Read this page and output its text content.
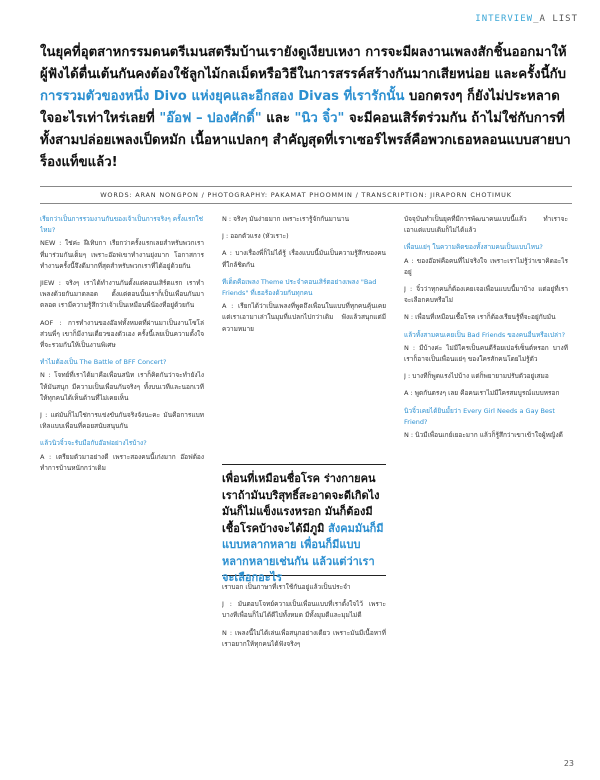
INTERVIEW_A LIST
ในยุคที่อุตสาหกรรมดนตรีเมนสตรีมบ้านเรายังดูเงียบเหงา การจะมีผลงานเพลงสักชิ้นออกมาให้ผู้ฟังได้ตื่นเต้นกันคงต้องใช้ลูกไม้กลเม็ดหรือวิธีในการสรรค์สร้างกันมากเสียหน่อย และครั้งนี้กับการรวมตัวของหนึ่ง Divo แห่งยุคและอีกสอง Divas ที่เรารักนั้น บอกตรงๆ ก็ยังไม่ประหลาดใจอะไรเท่าใหร่เลยที่ "อ๊อฟ – ปองศักดิ์" และ "นิว จิ๋ว" จะมีคอนเสิร์ตร่วมกัน ถ้าไม่ใช่กับการที่ทั้งสามปล่อยเพลงเป็ดหมัก เนื้อหาแปลกๆ สำคัญสุดที่เราเซอร์ไพรส์คือพวกเธอหลอนแบบสายบาร็องแท็ขแล้ว!
WORDS: ARAN NONGPON / PHOTOGRAPHY: PAKAMAT PHOOMMIN / TRANSCRIPTION: JIRAPORN CHOTIMUK
เรียกว่าเป็นการรวมงานกันของเจ้าเป็นการจริงๆ ครั้งแรกใช่ไหม?
NEW : ใช่ค่ะ ฝีเทิบกา เรียกว่าครั้งแรกเลยสำหรับพวกเราที่มาร่วมกันเต็มๆ เพราะอ๊อฟเขาทำงานยุ่งมาก โอกาสการทำงานครั้งนี้จึงดีมากที่สุดสำหรับพวกเราที่ได้อยู่ด้วยกัน
JIEW : จริงๆ เราได้ทำงานกันตั้งแต่คอนเสิร์ตแรก เราทำเพลงด้วยกันมาตลอด ตั้งแต่ตอนนั้นเราก็เป็นเพื่อนกันมาตลอด เรามีความรู้สึกว่าเจ้าเป็นเหมือนพี่น้องที่อยู่ด้วยกัน
AOF : การทำงานของอ๊อฟทั้งหมดที่ผ่านมาเป็นงานโซโล่ ส่วนพี่ๆ เขาก็มีงานเดี่ยวของตัวเอง ครั้งนี้เลยเป็นความตั้งใจที่จะรวมกันให้เป็นงานพิเศษ
ทำไมต้องเป็น The Battle of BFF Concert?
N : โจทย์ที่เราได้มาคือเพื่อนสนิท เราก็คิดกันว่าจะทำยังไงให้มันสนุก มีความเป็นเพื่อนกันจริงๆ ทั้งบนเวทีและนอกเวที ให้ทุกคนได้เห็นด้านที่ไม่เคยเห็น
J : แต่มันก็ไม่ใช่การแข่งขันกันจริงจังนะคะ มันคือการแบทเทิลแบบเพื่อนที่คอยสนับสนุนกัน
แล้วนิวจิ๋วจะรับมือกับอ๊อฟอย่างไรบ้าง?
A : เตรียมตัวมาอย่างดี เพราะสองคนนี้เก่งมาก อ๊อฟต้องทำการบ้านหนักกว่าเดิม
N : จริงๆ มันง่ายมาก เพราะเรารู้จักกันมานาน
J : ออกตัวแรง (หัวเราะ)
A : บางเรื่องพี่ก็ไม่ได้รู้ เรื่องแบบนี้มันเป็นความรู้สึกของคนที่ใกล้ชิดกัน
ทีเด็ดคือเพลง Theme ประจำคอนเสิร์ตอย่างเพลง "Bad Friends" ที่เธอร้องด้วยกันทุกคน
A : เรียกได้ว่าเป็นเพลงที่พูดถึงเพื่อนในแบบที่ทุกคนคุ้นเคย แต่เราเอามาเล่าในมุมที่แปลกไปกว่าเดิม ฟังแล้วสนุกแต่มีความหมาย
เพื่อนที่เหมือนชื่อโรค ร่างกายคนเราถ้ามันบริสุทธิ์สะอาดจะดีเกิดไง มันก็ไม่แข็งแรงหรอก มันก็ต้องมีเชื้อโรคบ้างจะได้มีภูมิ สังคมมันก็มีแบบหลากหลาย เพื่อนก็มีแบบหลากหลายเช่นกัน แล้วแต่ว่าเราจะเลือกอะไร
เราบอก เป็นภาษาที่เราใช้กันอยู่แล้วเป็นประจำ
J : มันตอบโจทย์ความเป็นเพื่อนแบบที่เราตั้งใจไว้ เพราะบางทีเพื่อนก็ไม่ได้ดีไปทั้งหมด มีทั้งมุมดีและมุมไม่ดี
N : เพลงนี้ไม่ได้เล่นเพื่อสนุกอย่างเดียว เพราะมันมีเนื้อหาที่เราอยากให้ทุกคนได้ฟังจริงๆ
บัจจุบันทำเป็นยุคที่มีการพัฒนาคนแบบนี้แล้ว ทำเราจะเอาแต่แบบเดิมก็ไม่ได้แล้ว
เพื่อนแย่ๆ ในความคิดของทั้งสามคนเป็นแบบไหน?
A : ของอ๊อฟคือคนที่ไม่จริงใจ เพราะเราไม่รู้ว่าเขาคิดอะไรอยู่
J : จิ๋วว่าทุกคนก็ต้องเคยเจอเพื่อนแบบนี้มาบ้าง แต่อยู่ที่เราจะเลือกคบหรือไม่
N : เพื่อนที่เหมือนเชื้อโรค เราก็ต้องเรียนรู้ที่จะอยู่กับมัน
แล้วทั้งสามคนเคยเป็น Bad Friends ของคนอื่นหรือเปล่า?
N : มีบ้างค่ะ ไม่มีใครเป็นคนดีร้อยเปอร์เซ็นต์หรอก บางทีเราก็อาจเป็นเพื่อนแย่ๆ ของใครสักคนโดยไม่รู้ตัว
J : บางทีก็พูดแรงไปบ้าง แต่ก็พยายามปรับตัวอยู่เสมอ
A : พูดกันตรงๆ เลย คือคนเราไม่มีใครสมบูรณ์แบบหรอก
นิวจิ๋วเคยได้ยินมั้ยว่า Every Girl Needs a Gay Best Friend?
N : นิวมีเพื่อนเกย์เยอะมาก แล้วก็รู้สึกว่าเขาเข้าใจผู้หญิงดี
23
